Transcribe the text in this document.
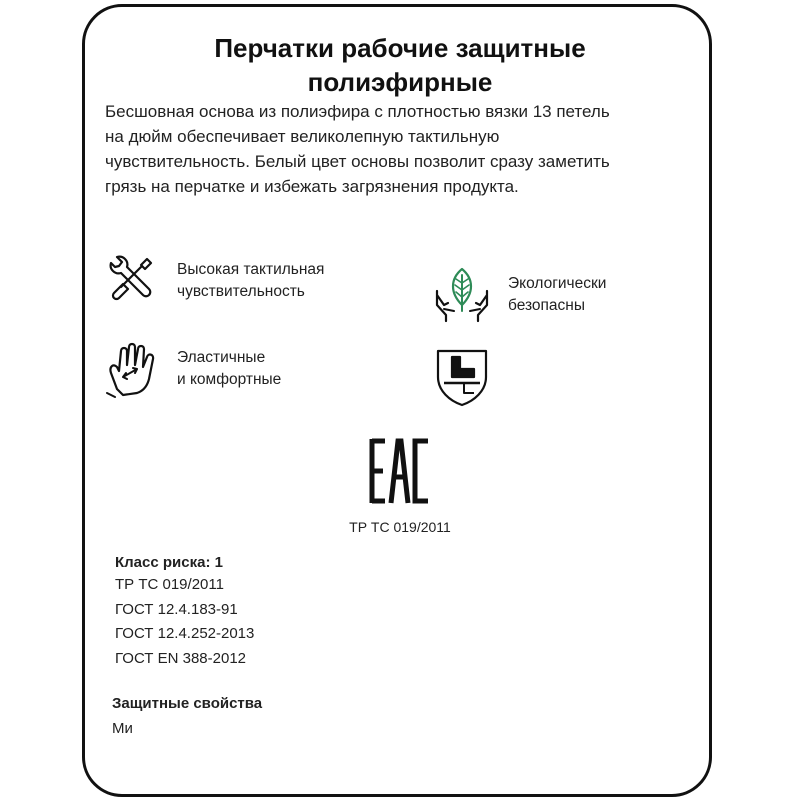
Перчатки рабочие защитные
полиэфирные
Бесшовная основа из полиэфира с плотностью вязки 13 петель
на дюйм обеспечивает великолепную тактильную
чувствительность. Белый цвет основы позволит сразу заметить
грязь на перчатке и избежать загрязнения продукта.
Высокая тактильная
чувствительность	Экологически
безопасны
Эластичные
и комфортные
ТР ТС 019/2011
Класс риска: 1
ТР ТС 019/2011
ГОСТ 12.4.183-91
ГОСТ 12.4.252-2013
ГОСТ EN 388-2012
Защитные свойства
Ми
